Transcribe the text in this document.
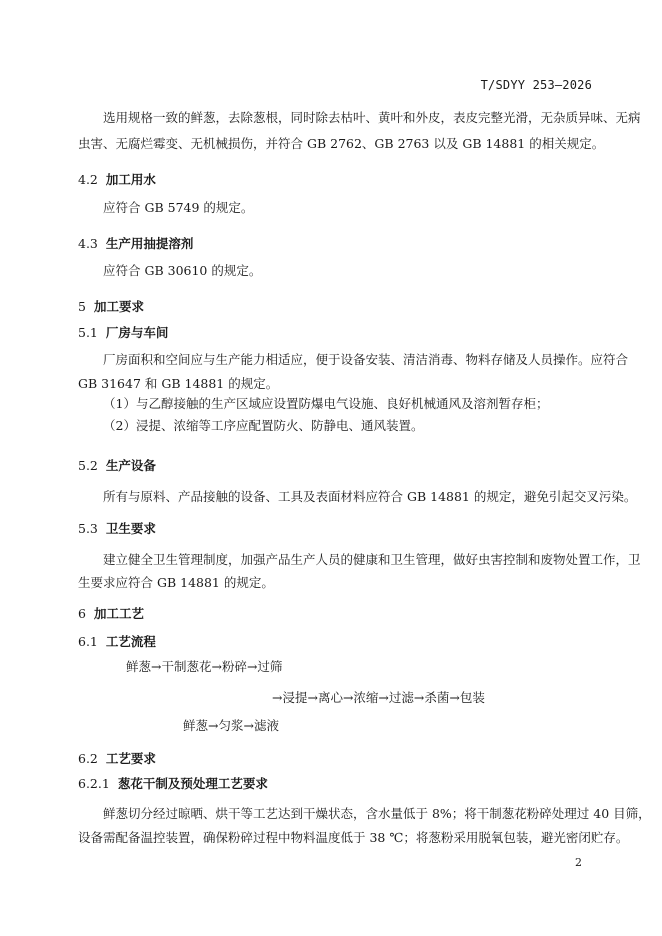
T/SDYY 253—2026
选用规格一致的鲜葱，去除葱根，同时除去枯叶、黄叶和外皮，表皮完整光滑，无杂质异味、无病
虫害、无腐烂霉变、无机械损伤，并符合 GB 2762、GB 2763 以及 GB 14881 的相关规定。
4.2 加工用水
应符合 GB 5749 的规定。
4.3 生产用抽提溶剂
应符合 GB 30610 的规定。
5 加工要求
5.1 厂房与车间
厂房面积和空间应与生产能力相适应，便于设备安装、清洁消毒、物料存储及人员操作。应符合
GB 31647 和 GB 14881 的规定。
（1）与乙醇接触的生产区域应设置防爆电气设施、良好机械通风及溶剂暂存柜；
（2）浸提、浓缩等工序应配置防火、防静电、通风装置。
5.2 生产设备
所有与原料、产品接触的设备、工具及表面材料应符合 GB 14881 的规定，避免引起交叉污染。
5.3 卫生要求
建立健全卫生管理制度，加强产品生产人员的健康和卫生管理，做好虫害控制和废物处置工作，卫
生要求应符合 GB 14881 的规定。
6 加工工艺
6.1 工艺流程
鲜葱→干制葱花→粉碎→过筛
→浸提→离心→浓缩→过滤→杀菌→包装
鲜葱→匀浆→滤液
6.2 工艺要求
6.2.1 葱花干制及预处理工艺要求
鲜葱切分经过晾晒、烘干等工艺达到干燥状态，含水量低于 8%；将干制葱花粉碎处理过 40 目筛，
设备需配备温控装置，确保粉碎过程中物料温度低于 38 ℃；将葱粉采用脱氧包装，避光密闭贮存。
2
